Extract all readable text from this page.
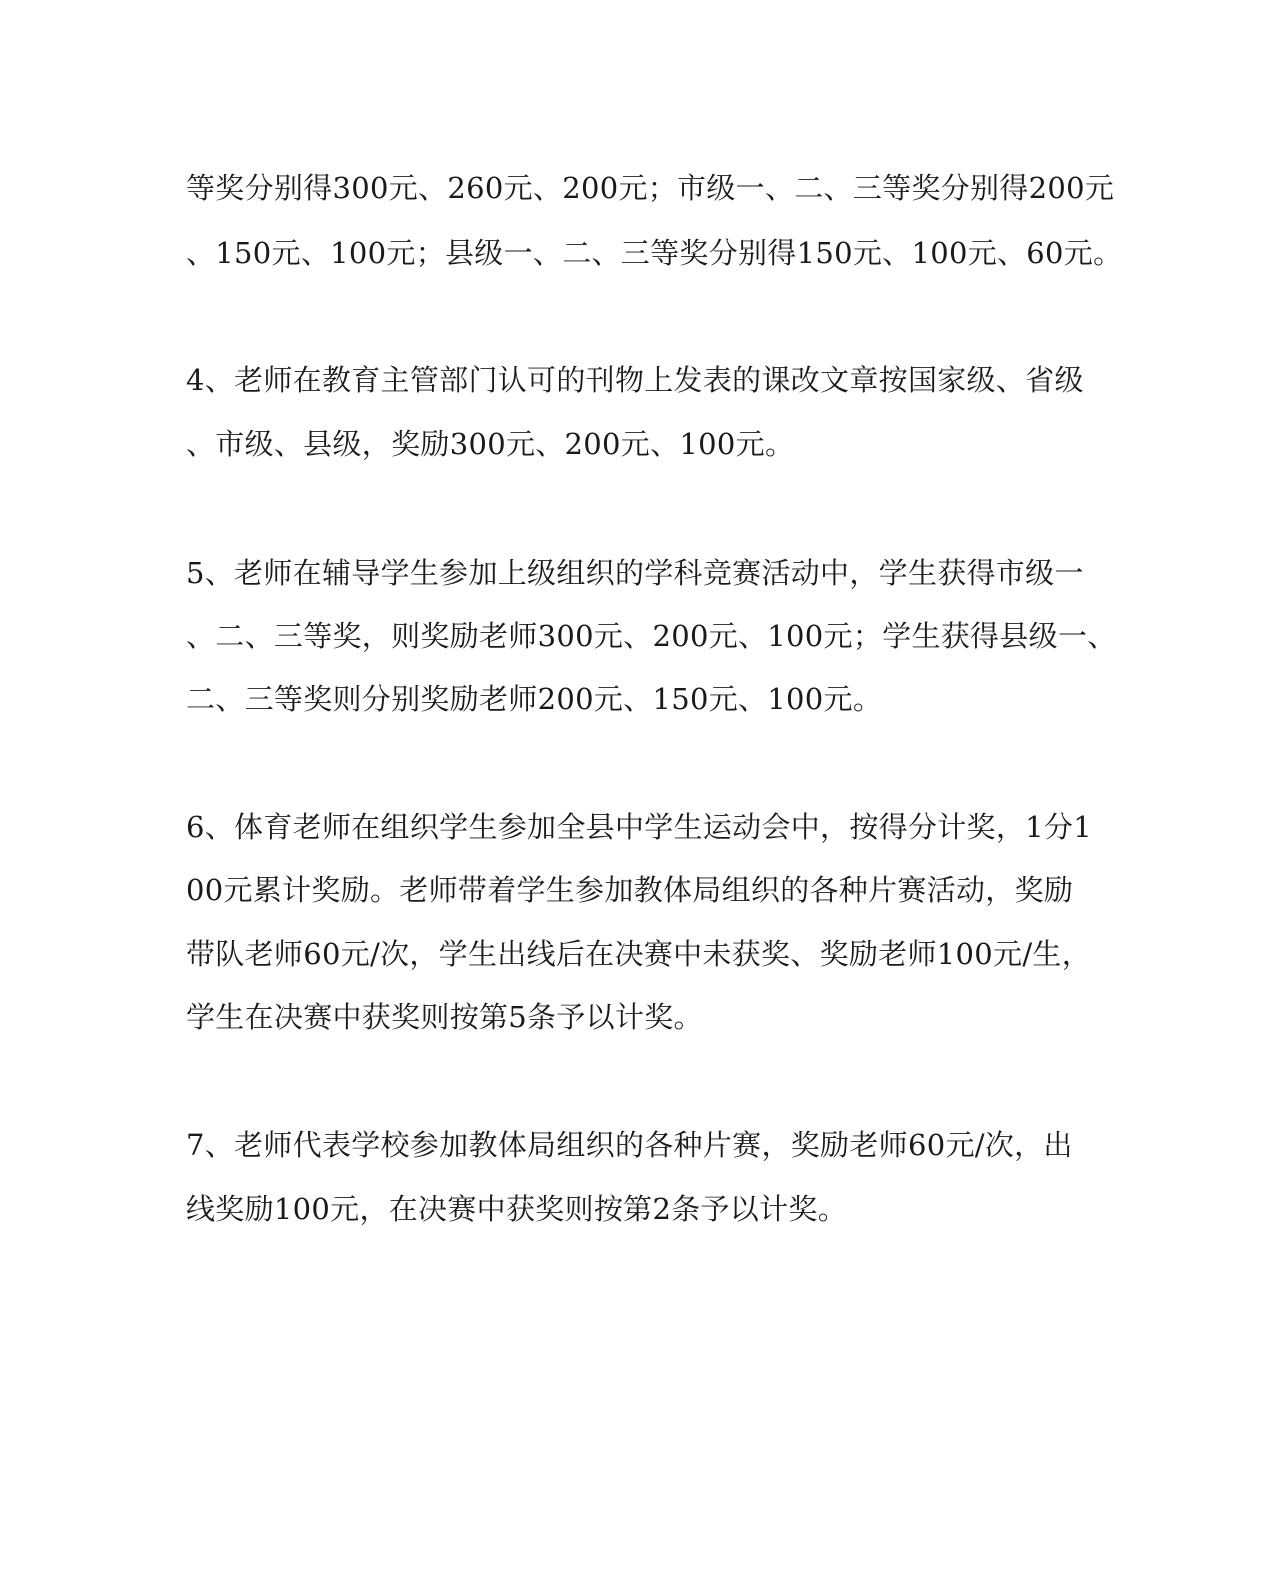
等奖分别得300元、260元、200元；市级一、二、三等奖分别得200元
、150元、100元；县级一、二、三等奖分别得150元、100元、60元。
4、老师在教育主管部门认可的刊物上发表的课改文章按国家级、省级
、市级、县级，奖励300元、200元、100元。
5、老师在辅导学生参加上级组织的学科竞赛活动中，学生获得市级一
、二、三等奖，则奖励老师300元、200元、100元；学生获得县级一、
二、三等奖则分别奖励老师200元、150元、100元。
6、体育老师在组织学生参加全县中学生运动会中，按得分计奖，1分1
00元累计奖励。老师带着学生参加教体局组织的各种片赛活动，奖励
带队老师60元/次，学生出线后在决赛中未获奖、奖励老师100元/生，
学生在决赛中获奖则按第5条予以计奖。
7、老师代表学校参加教体局组织的各种片赛，奖励老师60元/次，出
线奖励100元，在决赛中获奖则按第2条予以计奖。
